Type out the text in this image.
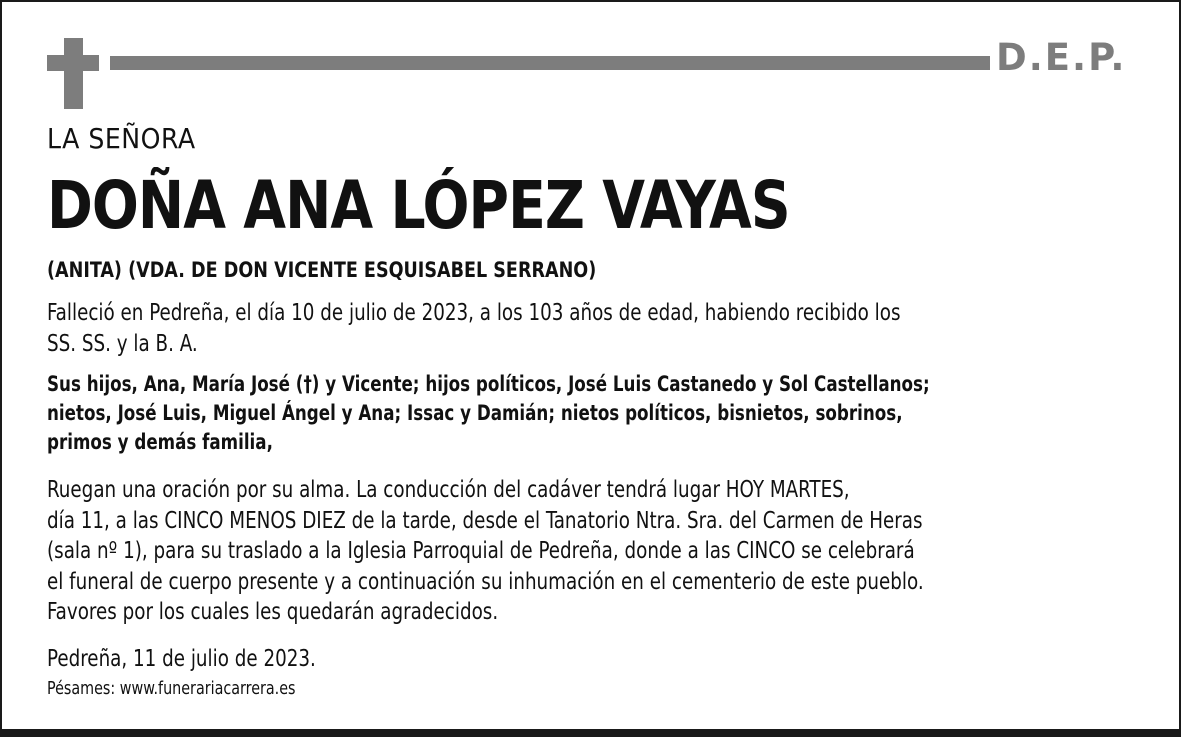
D.E.P.
LA SEÑORA
DOÑA ANA LÓPEZ VAYAS
(ANITA) (VDA. DE DON VICENTE ESQUISABEL SERRANO)
Falleció en Pedreña, el día 10 de julio de 2023, a los 103 años de edad, habiendo recibido los
SS. SS. y la B. A.
Sus hijos, Ana, María José (†) y Vicente; hijos políticos, José Luis Castanedo y Sol Castellanos;
nietos, José Luis, Miguel Ángel y Ana; Issac y Damián; nietos políticos, bisnietos, sobrinos,
primos y demás familia,
Ruegan una oración por su alma. La conducción del cadáver tendrá lugar HOY MARTES,
día 11, a las CINCO MENOS DIEZ de la tarde, desde el Tanatorio Ntra. Sra. del Carmen de Heras
(sala nº 1), para su traslado a la Iglesia Parroquial de Pedreña, donde a las CINCO se celebrará
el funeral de cuerpo presente y a continuación su inhumación en el cementerio de este pueblo.
Favores por los cuales les quedarán agradecidos.
Pedreña, 11 de julio de 2023.
Pésames: www.funerariacarrera.es
